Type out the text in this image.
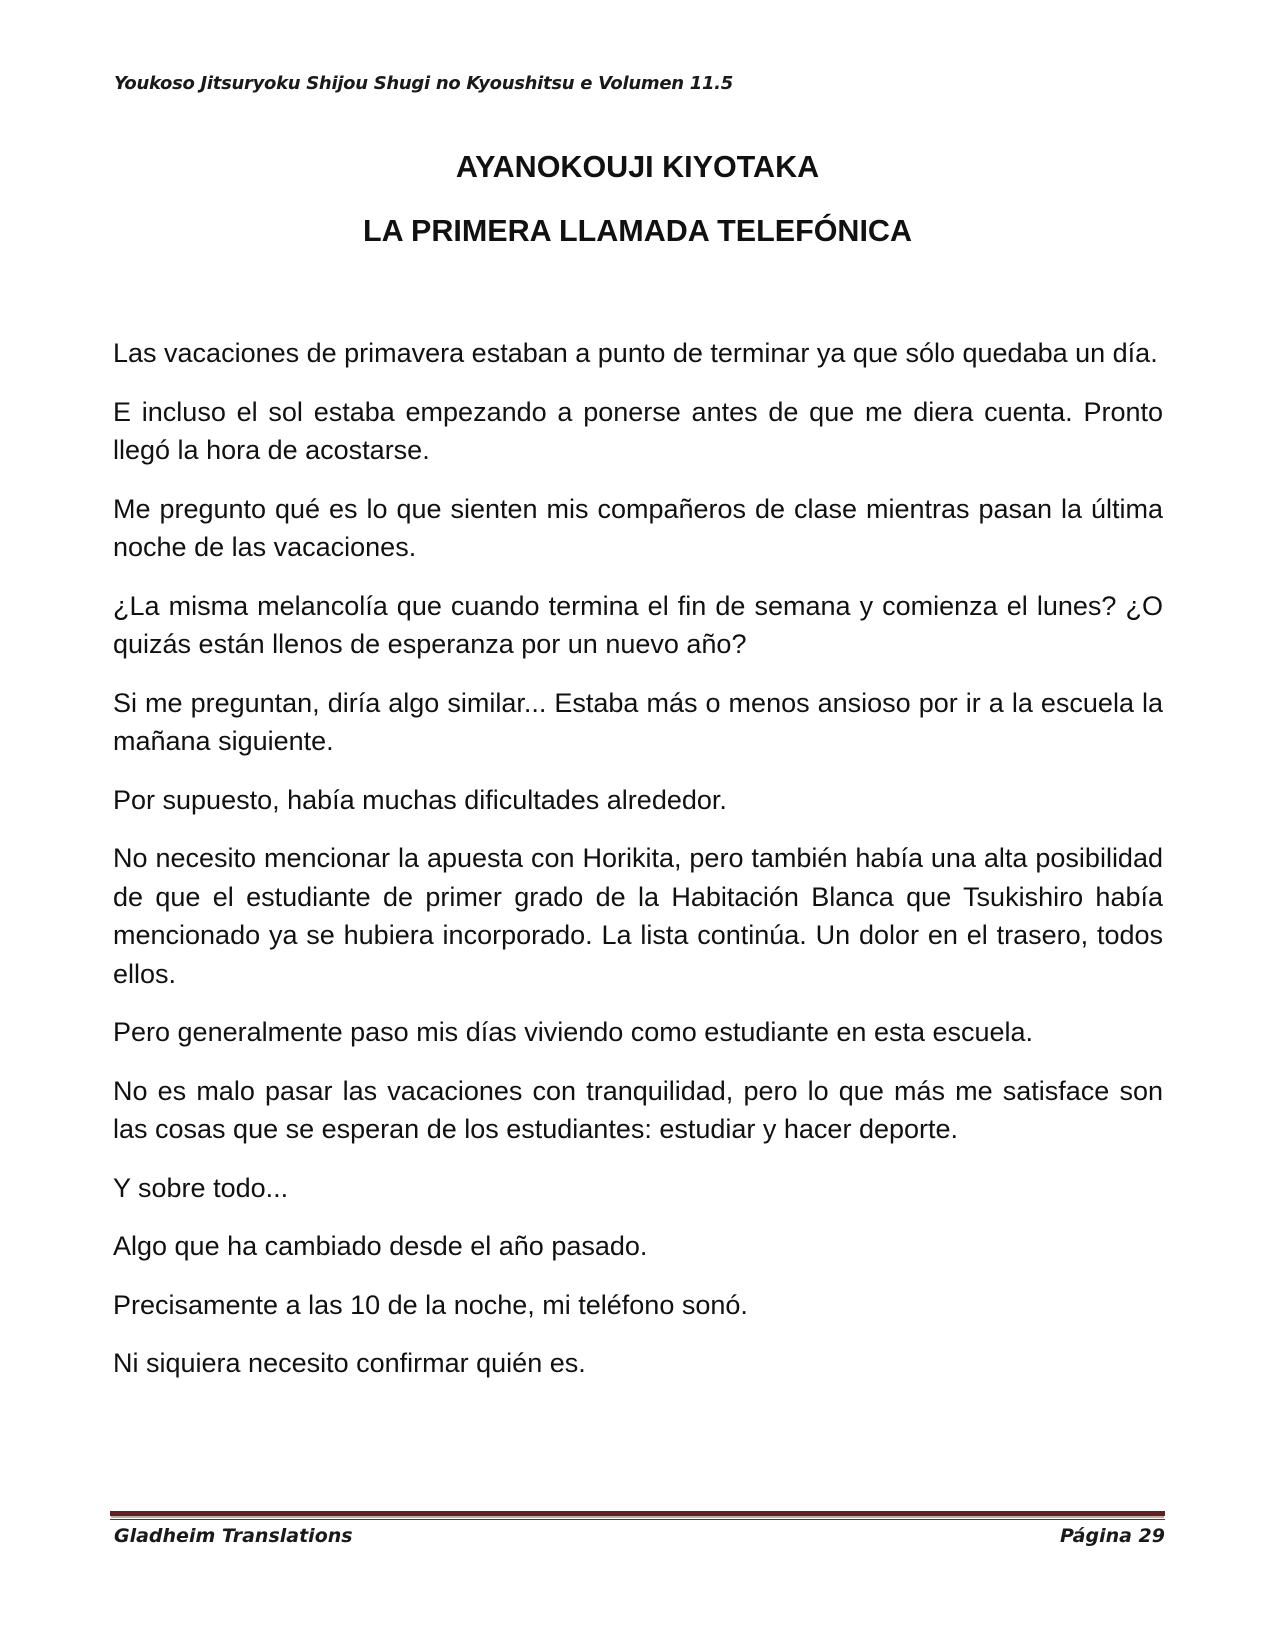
Youkoso Jitsuryoku Shijou Shugi no Kyoushitsu e Volumen 11.5
AYANOKOUJI KIYOTAKA
LA PRIMERA LLAMADA TELEFÓNICA

Las vacaciones de primavera estaban a punto de terminar ya que sólo quedaba un día.

E incluso el sol estaba empezando a ponerse antes de que me diera cuenta. Pronto llegó la hora de acostarse.

Me pregunto qué es lo que sienten mis compañeros de clase mientras pasan la última noche de las vacaciones.

¿La misma melancolía que cuando termina el fin de semana y comienza el lunes? ¿O quizás están llenos de esperanza por un nuevo año?

Si me preguntan, diría algo similar... Estaba más o menos ansioso por ir a la escuela la mañana siguiente.

Por supuesto, había muchas dificultades alrededor.

No necesito mencionar la apuesta con Horikita, pero también había una alta posibilidad de que el estudiante de primer grado de la Habitación Blanca que Tsukishiro había mencionado ya se hubiera incorporado. La lista continúa. Un dolor en el trasero, todos ellos.

Pero generalmente paso mis días viviendo como estudiante en esta escuela.

No es malo pasar las vacaciones con tranquilidad, pero lo que más me satisface son las cosas que se esperan de los estudiantes: estudiar y hacer deporte.

Y sobre todo...

Algo que ha cambiado desde el año pasado.

Precisamente a las 10 de la noche, mi teléfono sonó.

Ni siquiera necesito confirmar quién es.

Gladheim Translations	Página 29
